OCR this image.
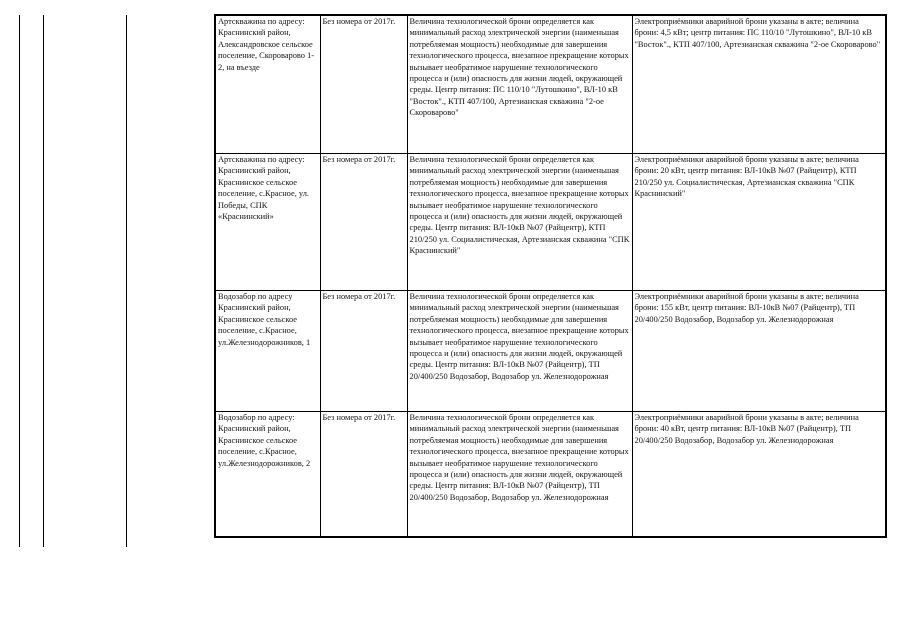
Артскважина по адресу: Краснинский район, Александровское сельское поселение, Скороварово 1-2, на въезде	Без номера от 2017г.	Величина технологической брони определяется как минимальный расход электрической энергии (наименьшая потребляемая мощность) необходимые для завершения технологического процесса, внезапное прекращение которых вызывает необратимое нарушение технологического процесса и (или) опасность для жизни людей, окружающей среды. Центр питания: ПС 110/10 "Лутошкино", ВЛ-10 кВ "Восток"., КТП 407/100, Артезианская скважина "2-ое Скороварово"	Электроприёмники аварийной брони указаны в акте; величина брони: 4,5 кВт; центр питания: ПС 110/10 "Лутошкино", ВЛ-10 кВ "Восток"., КТП 407/100, Артезианская скважина "2-ое Скороварово"

Артскважина по адресу: Краснинский район, Краснинское сельское поселение, с.Красное, ул. Победы, СПК «Краснинский»	Без номера от 2017г.	Величина технологической брони определяется как минимальный расход электрической энергии (наименьшая потребляемая мощность) необходимые для завершения технологического процесса, внезапное прекращение которых вызывает необратимое нарушение технологического процесса и (или) опасность для жизни людей, окружающей среды. Центр питания: ВЛ-10кВ №07 (Райцентр), КТП 210/250 ул. Социалистическая, Артезианская скважина "СПК Краснинский"	Электроприёмники аварийной брони указаны в акте; величина брони: 20 кВт, центр питания: ВЛ-10кВ №07 (Райцентр), КТП 210/250 ул. Социалистическая, Артезианская скважина "СПК Краснинский"

Водозабор по адресу Краснинский район, Краснинское сельское поселение, с.Красное, ул.Железнодорожников, 1	Без номера от 2017г.	Величина технологической брони определяется как минимальный расход электрической энергии (наименьшая потребляемая мощность) необходимые для завершения технологического процесса, внезапное прекращение которых вызывает необратимое нарушение технологического процесса и (или) опасность для жизни людей, окружающей среды. Центр питания: ВЛ-10кВ №07 (Райцентр), ТП 20/400/250 Водозабор, Водозабор ул. Железнодорожная	Электроприёмники аварийной брони указаны в акте; величина брони: 155 кВт, центр питания: ВЛ-10кВ №07 (Райцентр), ТП 20/400/250 Водозабор, Водозабор ул. Железнодорожная

Водозабор по адресу: Краснинский район, Краснинское сельское поселение, с.Красное, ул.Железнодорожников, 2	Без номера от 2017г.	Величина технологической брони определяется как минимальный расход электрической энергии (наименьшая потребляемая мощность) необходимые для завершения технологического процесса, внезапное прекращение которых вызывает необратимое нарушение технологического процесса и (или) опасность для жизни людей, окружающей среды. Центр питания: ВЛ-10кВ №07 (Райцентр), ТП 20/400/250 Водозабор, Водозабор ул. Железнодорожная	Электроприёмники аварийной брони указаны в акте; величина брони: 40 кВт, центр питания: ВЛ-10кВ №07 (Райцентр), ТП 20/400/250 Водозабор, Водозабор ул. Железнодорожная
